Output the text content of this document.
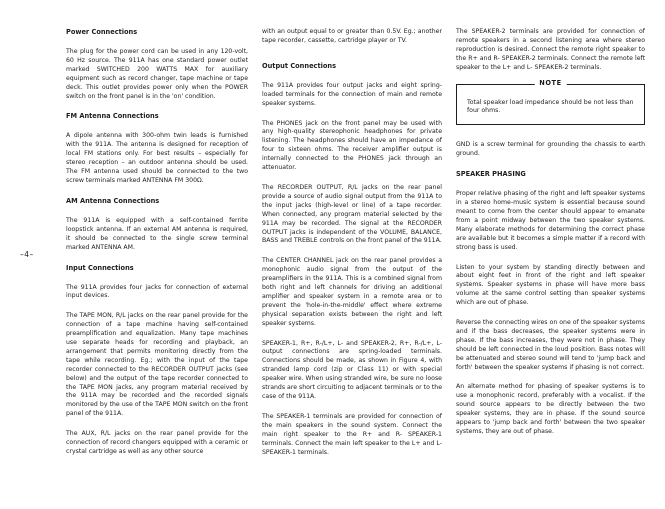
–4–
Power Connections

The plug for the power cord can be used in any 120-volt, 60 Hz source. The 911A has one standard power outlet marked SWITCHED 200 WATTS MAX for auxiliary equipment such as record changer, tape machine or tape deck. This outlet provides power only when the POWER switch on the front panel is in the 'on' condition.

FM Antenna Connections

A dipole antenna with 300-ohm twin leads is furnished with the 911A. The antenna is designed for reception of local FM stations only. For best results – especially for stereo reception – an outdoor antenna should be used. The FM antenna used should be connected to the two screw terminals marked ANTENNA FM 300Ω.

AM Antenna Connections

The 911A is equipped with a self-contained ferrite loopstick antenna. If an external AM antenna is required, it should be connected to the single screw terminal marked ANTENNA AM.

Input Connections

The 911A provides four jacks for connection of external input devices.

The TAPE MON, R/L jacks on the rear panel provide for the connection of a tape machine having self-contained preamplification and equalization. Many tape machines use separate heads for recording and playback, an arrangement that permits monitoring directly from the tape while recording. Eg.; with the input of the tape recorder connected to the RECORDER OUTPUT jacks (see below) and the output of the tape recorder connected to the TAPE MON jacks, any program material received by the 911A may be recorded and the recorded signals monitored by the use of the TAPE MON switch on the front panel of the 911A.

The AUX, R/L jacks on the rear panel provide for the connection of record changers equipped with a ceramic or crystal cartridge as well as any other source

with an output equal to or greater than 0.5V. Eg.; another tape recorder, cassette, cartridge player or TV.

Output Connections

The 911A provides four output jacks and eight spring-loaded terminals for the connection of main and remote speaker systems.

The PHONES jack on the front panel may be used with any high-quality stereophonic headphones for private listening. The headphones should have an impedance of four to sixteen ohms. The receiver amplifier output is internally connected to the PHONES jack through an attenuator.

The RECORDER OUTPUT, R/L jacks on the rear panel provide a source of audio signal output from the 911A to the input jacks (high-level or line) of a tape recorder. When connected, any program material selected by the 911A may be recorded. The signal at the RECORDER OUTPUT jacks is independent of the VOLUME, BALANCE, BASS and TREBLE controls on the front panel of the 911A.

The CENTER CHANNEL jack on the rear panel provides a monophonic audio signal from the output of the preamplifiers in the 911A. This is a combined signal from both right and left channels for driving an additional amplifier and speaker system in a remote area or to prevent the 'hole-in-the-middle' effect where extreme physical separation exists between the right and left speaker systems.

SPEAKER-1, R+, R-/L+, L- and SPEAKER-2, R+, R-/L+, L- output connections are spring-loaded terminals. Connections should be made, as shown in Figure 4, with stranded lamp cord (zip or Class 11) or with special speaker wire. When using stranded wire, be sure no loose strands are short circuiting to adjacent terminals or to the case of the 911A.

The SPEAKER-1 terminals are provided for connection of the main speakers in the sound system. Connect the main right speaker to the R+ and R- SPEAKER-1 terminals. Connect the main left speaker to the L+ and L- SPEAKER-1 terminals.

The SPEAKER-2 terminals are provided for connection of remote speakers in a second listening area where stereo reproduction is desired. Connect the remote right speaker to the R+ and R- SPEAKER-2 terminals. Connect the remote left speaker to the L+ and L- SPEAKER-2 terminals.

NOTE

Total speaker load impedance should be not less than four ohms.

GND is a screw terminal for grounding the chassis to earth ground.

SPEAKER PHASING

Proper relative phasing of the right and left speaker systems in a stereo home-music system is essential because sound meant to come from the center should appear to emanate from a point midway between the two speaker systems. Many elaborate methods for determining the correct phase are available but it becomes a simple matter if a record with strong bass is used.

Listen to your system by standing directly between and about eight feet in front of the right and left speaker systems. Speaker systems in phase will have more bass volume at the same control setting than speaker systems which are out of phase.

Reverse the connecting wires on one of the speaker systems and if the bass decreases, the speaker systems were in phase. If the bass increases, they were not in phase. They should be left connected in the loud position. Bass notes will be attenuated and stereo sound will tend to 'jump back and forth' between the speaker systems if phasing is not correct.

An alternate method for phasing of speaker systems is to use a monophonic record, preferably with a vocalist. If the sound source appears to be directly between the two speaker systems, they are in phase. If the sound source appears to 'jump back and forth' between the two speaker systems, they are out of phase.
